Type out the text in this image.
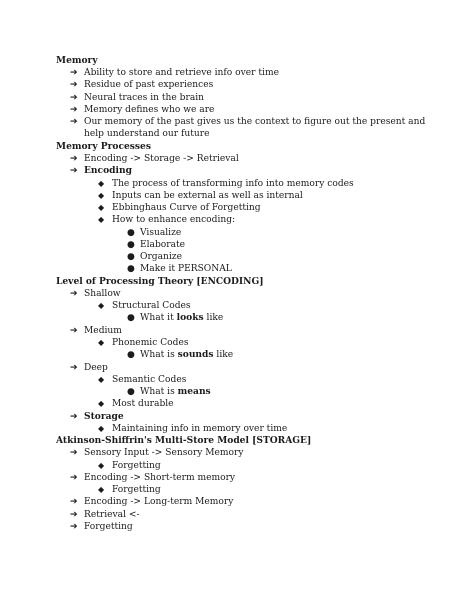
Memory
➔ Ability to store and retrieve info over time
➔ Residue of past experiences
➔ Neural traces in the brain
➔ Memory defines who we are
➔ Our memory of the past gives us the context to figure out the present and help understand our future
Memory Processes
➔ Encoding -> Storage -> Retrieval
➔ Encoding
◆ The process of transforming info into memory codes
◆ Inputs can be external as well as internal
◆ Ebbinghaus Curve of Forgetting
◆ How to enhance encoding:
● Visualize
● Elaborate
● Organize
● Make it PERSONAL
Level of Processing Theory [ENCODING]
➔ Shallow
◆ Structural Codes
● What it looks like
➔ Medium
◆ Phonemic Codes
● What is sounds like
➔ Deep
◆ Semantic Codes
● What is means
◆ Most durable
➔ Storage
◆ Maintaining info in memory over time
Atkinson-Shiffrin's Multi-Store Model [STORAGE]
➔ Sensory Input -> Sensory Memory
◆ Forgetting
➔ Encoding -> Short-term memory
◆ Forgetting
➔ Encoding -> Long-term Memory
➔ Retrieval <-
➔ Forgetting
